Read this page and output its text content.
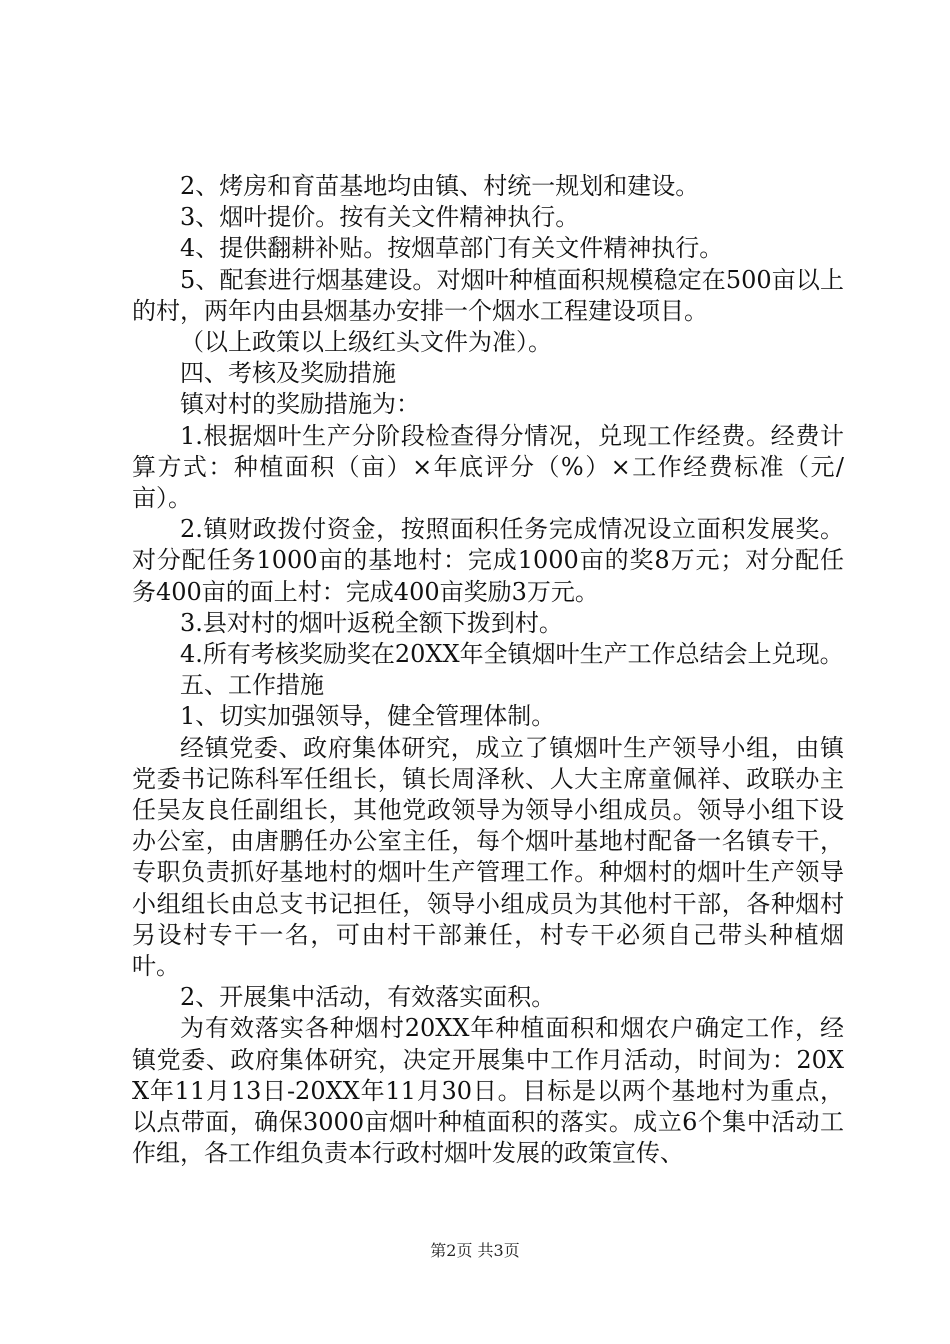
2、烤房和育苗基地均由镇、村统一规划和建设。

3、烟叶提价。按有关文件精神执行。

4、提供翻耕补贴。按烟草部门有关文件精神执行。

5、配套进行烟基建设。对烟叶种植面积规模稳定在500亩以上的村，两年内由县烟基办安排一个烟水工程建设项目。

（以上政策以上级红头文件为准）。

四、考核及奖励措施

镇对村的奖励措施为：

1.根据烟叶生产分阶段检查得分情况，兑现工作经费。经费计算方式：种植面积（亩）×年底评分（%）×工作经费标准（元/亩）。

2.镇财政拨付资金，按照面积任务完成情况设立面积发展奖。对分配任务1000亩的基地村：完成1000亩的奖8万元；对分配任务400亩的面上村：完成400亩奖励3万元。

3.县对村的烟叶返税全额下拨到村。

4.所有考核奖励奖在20XX年全镇烟叶生产工作总结会上兑现。

五、工作措施

1、切实加强领导，健全管理体制。

经镇党委、政府集体研究，成立了镇烟叶生产领导小组，由镇党委书记陈科军任组长，镇长周泽秋、人大主席童佩祥、政联办主任吴友良任副组长，其他党政领导为领导小组成员。领导小组下设办公室，由唐鹏任办公室主任，每个烟叶基地村配备一名镇专干，专职负责抓好基地村的烟叶生产管理工作。种烟村的烟叶生产领导小组组长由总支书记担任，领导小组成员为其他村干部，各种烟村另设村专干一名，可由村干部兼任，村专干必须自己带头种植烟叶。

2、开展集中活动，有效落实面积。

为有效落实各种烟村20XX年种植面积和烟农户确定工作，经镇党委、政府集体研究，决定开展集中工作月活动，时间为：20XX年11月13日-20XX年11月30日。目标是以两个基地村为重点，以点带面，确保3000亩烟叶种植面积的落实。成立6个集中活动工作组，各工作组负责本行政村烟叶发展的政策宣传、

第2页 共3页
